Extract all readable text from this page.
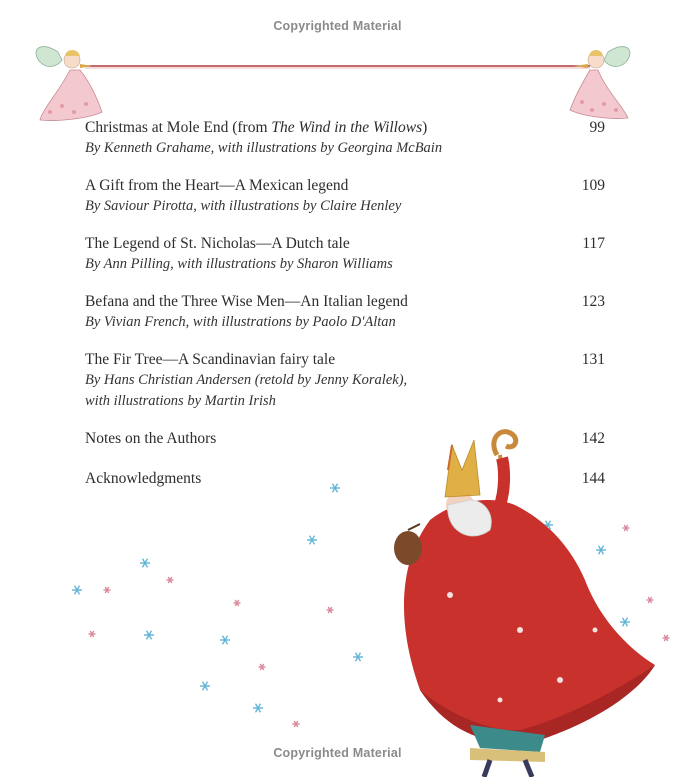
Copyrighted Material
Christmas at Mole End (from The Wind in the Willows)	99
By Kenneth Grahame, with illustrations by Georgina McBain
A Gift from the Heart—A Mexican legend	109
By Saviour Pirotta, with illustrations by Claire Henley
The Legend of St. Nicholas—A Dutch tale	117
By Ann Pilling, with illustrations by Sharon Williams
Befana and the Three Wise Men—An Italian legend	123
By Vivian French, with illustrations by Paolo D'Altan
The Fir Tree—A Scandinavian fairy tale	131
By Hans Christian Andersen (retold by Jenny Koralek),
with illustrations by Martin Irish
Notes on the Authors	142
Acknowledgments	144
Copyrighted Material
